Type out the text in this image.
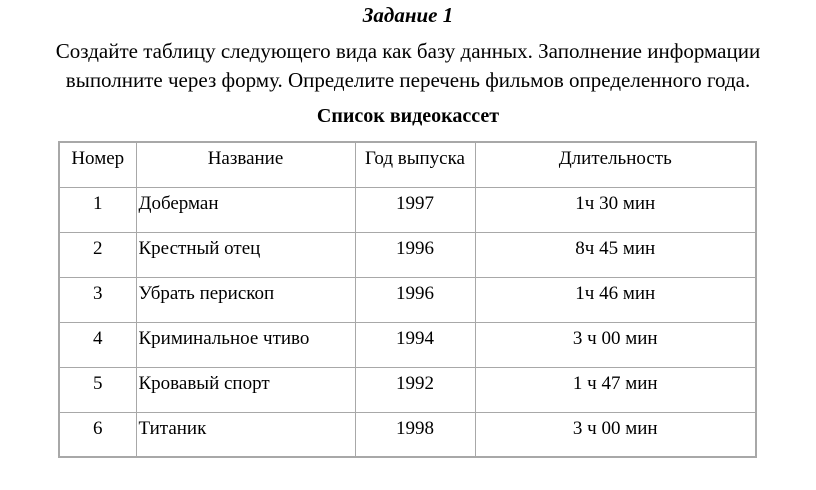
Задание 1
Создайте таблицу следующего вида как базу данных. Заполнение информации выполните через форму. Определите перечень фильмов определенного года.
Список видеокассет
Номер	Название	Год выпуска	Длительность
1	Доберман	1997	1ч 30 мин
2	Крестный отец	1996	8ч 45 мин
3	Убрать перископ	1996	1ч 46 мин
4	Криминальное чтиво	1994	3 ч 00 мин
5	Кровавый спорт	1992	1 ч 47 мин
6	Титаник	1998	3 ч 00 мин
